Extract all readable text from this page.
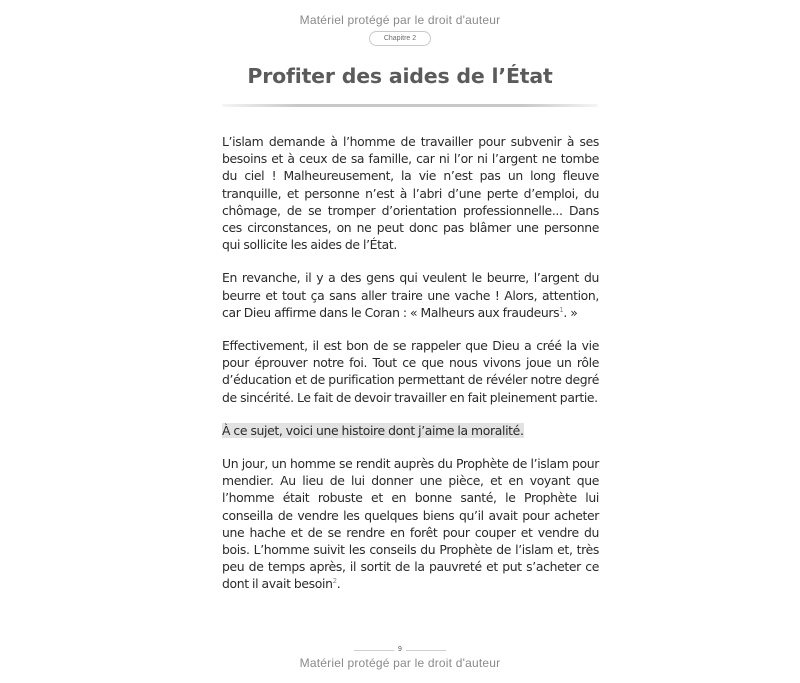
Matériel protégé par le droit d'auteur
Chapitre 2
Profiter des aides de l’État

L’islam demande à l’homme de travailler pour subvenir à ses besoins et à ceux de sa famille, car ni l’or ni l’argent ne tombe du ciel ! Malheureusement, la vie n’est pas un long fleuve tranquille, et personne n’est à l’abri d’une perte d’emploi, du chômage, de se tromper d’orientation professionnelle... Dans ces circonstances, on ne peut donc pas blâmer une personne qui sollicite les aides de l’État.

En revanche, il y a des gens qui veulent le beurre, l’argent du beurre et tout ça sans aller traire une vache ! Alors, attention, car Dieu affirme dans le Coran : « Malheurs aux fraudeurs$^1$. »

Effectivement, il est bon de se rappeler que Dieu a créé la vie pour éprouver notre foi. Tout ce que nous vivons joue un rôle d’éducation et de purification permettant de révéler notre degré de sincérité. Le fait de devoir travailler en fait pleinement partie.

À ce sujet, voici une histoire dont j’aime la moralité.

Un jour, un homme se rendit auprès du Prophète de l’islam pour mendier. Au lieu de lui donner une pièce, et en voyant que l’homme était robuste et en bonne santé, le Prophète lui conseilla de vendre les quelques biens qu’il avait pour acheter une hache et de se rendre en forêt pour couper et vendre du bois. L’homme suivit les conseils du Prophète de l’islam et, très peu de temps après, il sortit de la pauvreté et put s’acheter ce dont il avait besoin$^2$.

9
Matériel protégé par le droit d'auteur
